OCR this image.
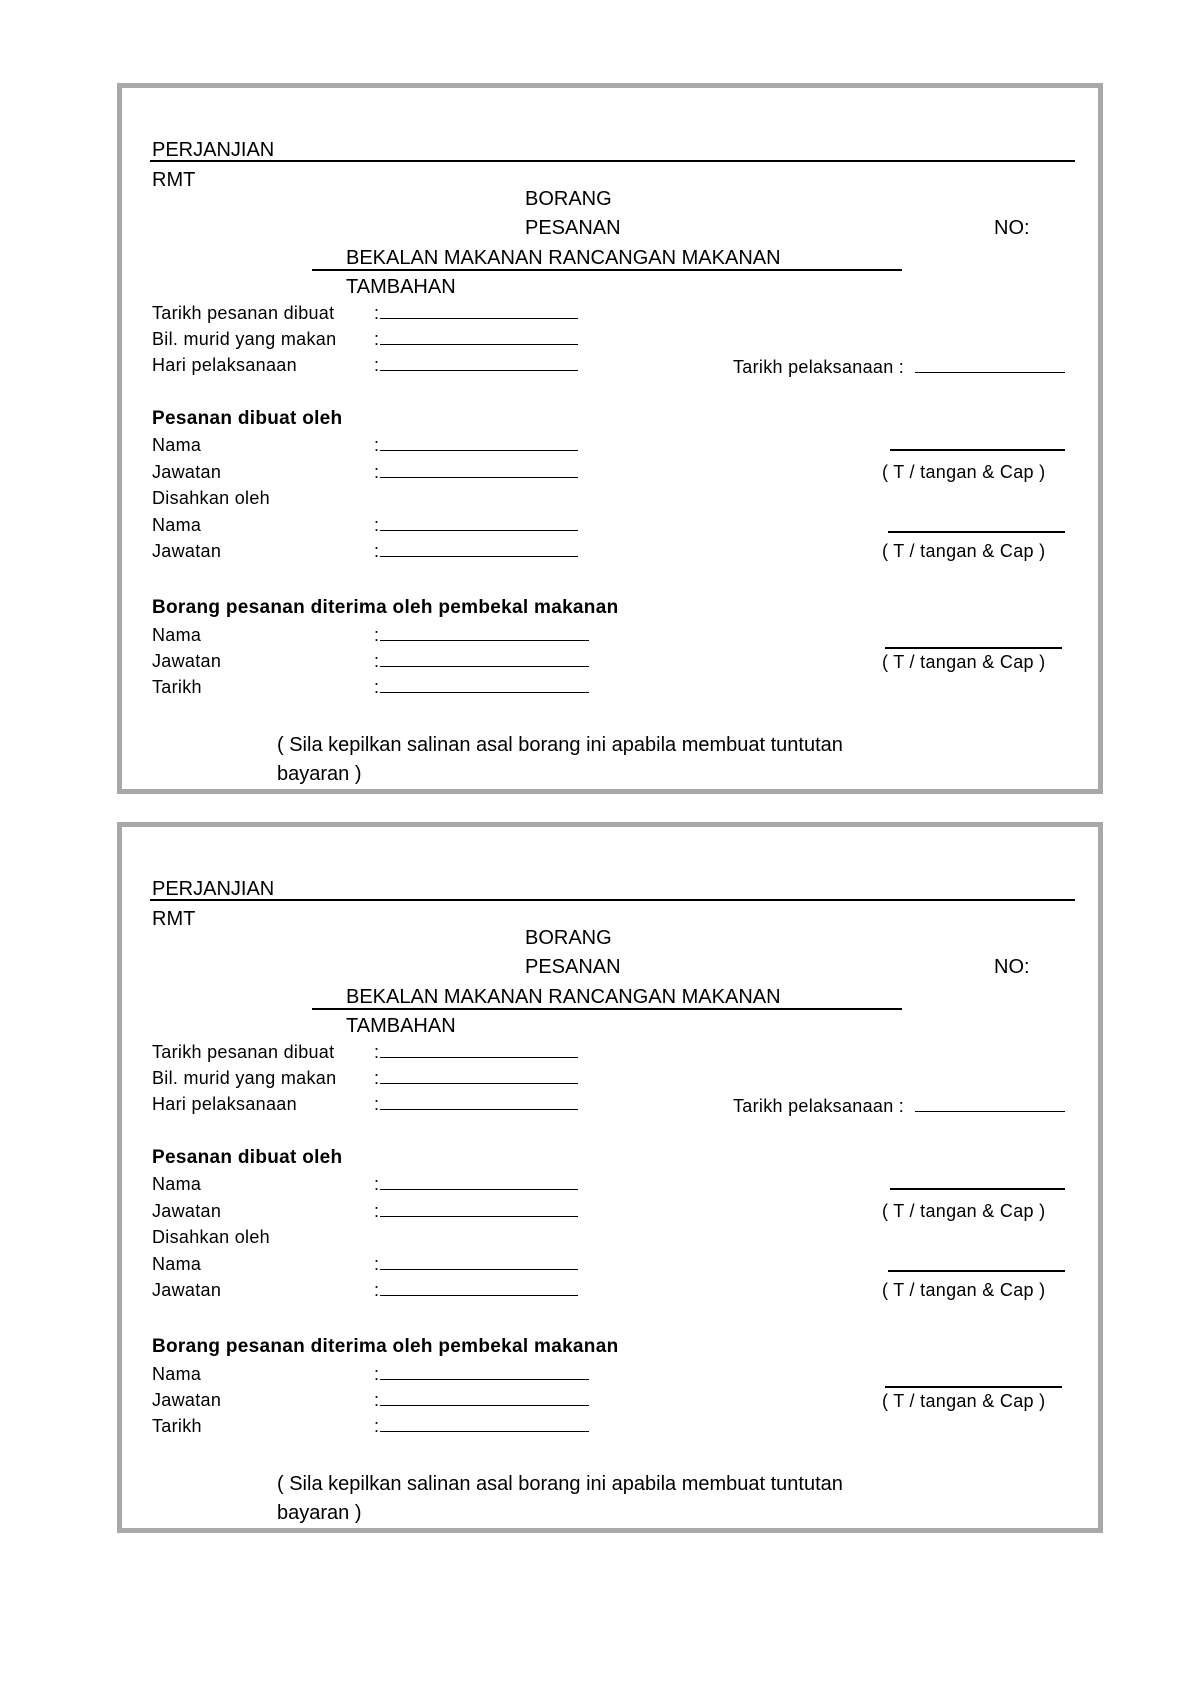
PERJANJIAN
RMT
BORANG
PESANAN	NO:
BEKALAN MAKANAN RANCANGAN MAKANAN
TAMBAHAN
Tarikh pesanan dibuat :
Bil. murid yang makan :
Hari pelaksanaan	:	Tarikh pelaksanaan :
Pesanan dibuat oleh
Nama	:
Jawatan	:	( T / tangan & Cap )
Disahkan oleh
Nama	:
Jawatan	:	( T / tangan & Cap )
Borang pesanan diterima oleh pembekal makanan
Nama	:
Jawatan	:	( T / tangan & Cap )
Tarikh	:
( Sila kepilkan salinan asal borang ini apabila membuat tuntutan bayaran )
PERJANJIAN
RMT
BORANG
PESANAN	NO:
BEKALAN MAKANAN RANCANGAN MAKANAN
TAMBAHAN
Tarikh pesanan dibuat :
Bil. murid yang makan :
Hari pelaksanaan	:	Tarikh pelaksanaan :
Pesanan dibuat oleh
Nama	:
Jawatan	:	( T / tangan & Cap )
Disahkan oleh
Nama	:
Jawatan	:	( T / tangan & Cap )
Borang pesanan diterima oleh pembekal makanan
Nama	:
Jawatan	:	( T / tangan & Cap )
Tarikh	:
( Sila kepilkan salinan asal borang ini apabila membuat tuntutan bayaran )
